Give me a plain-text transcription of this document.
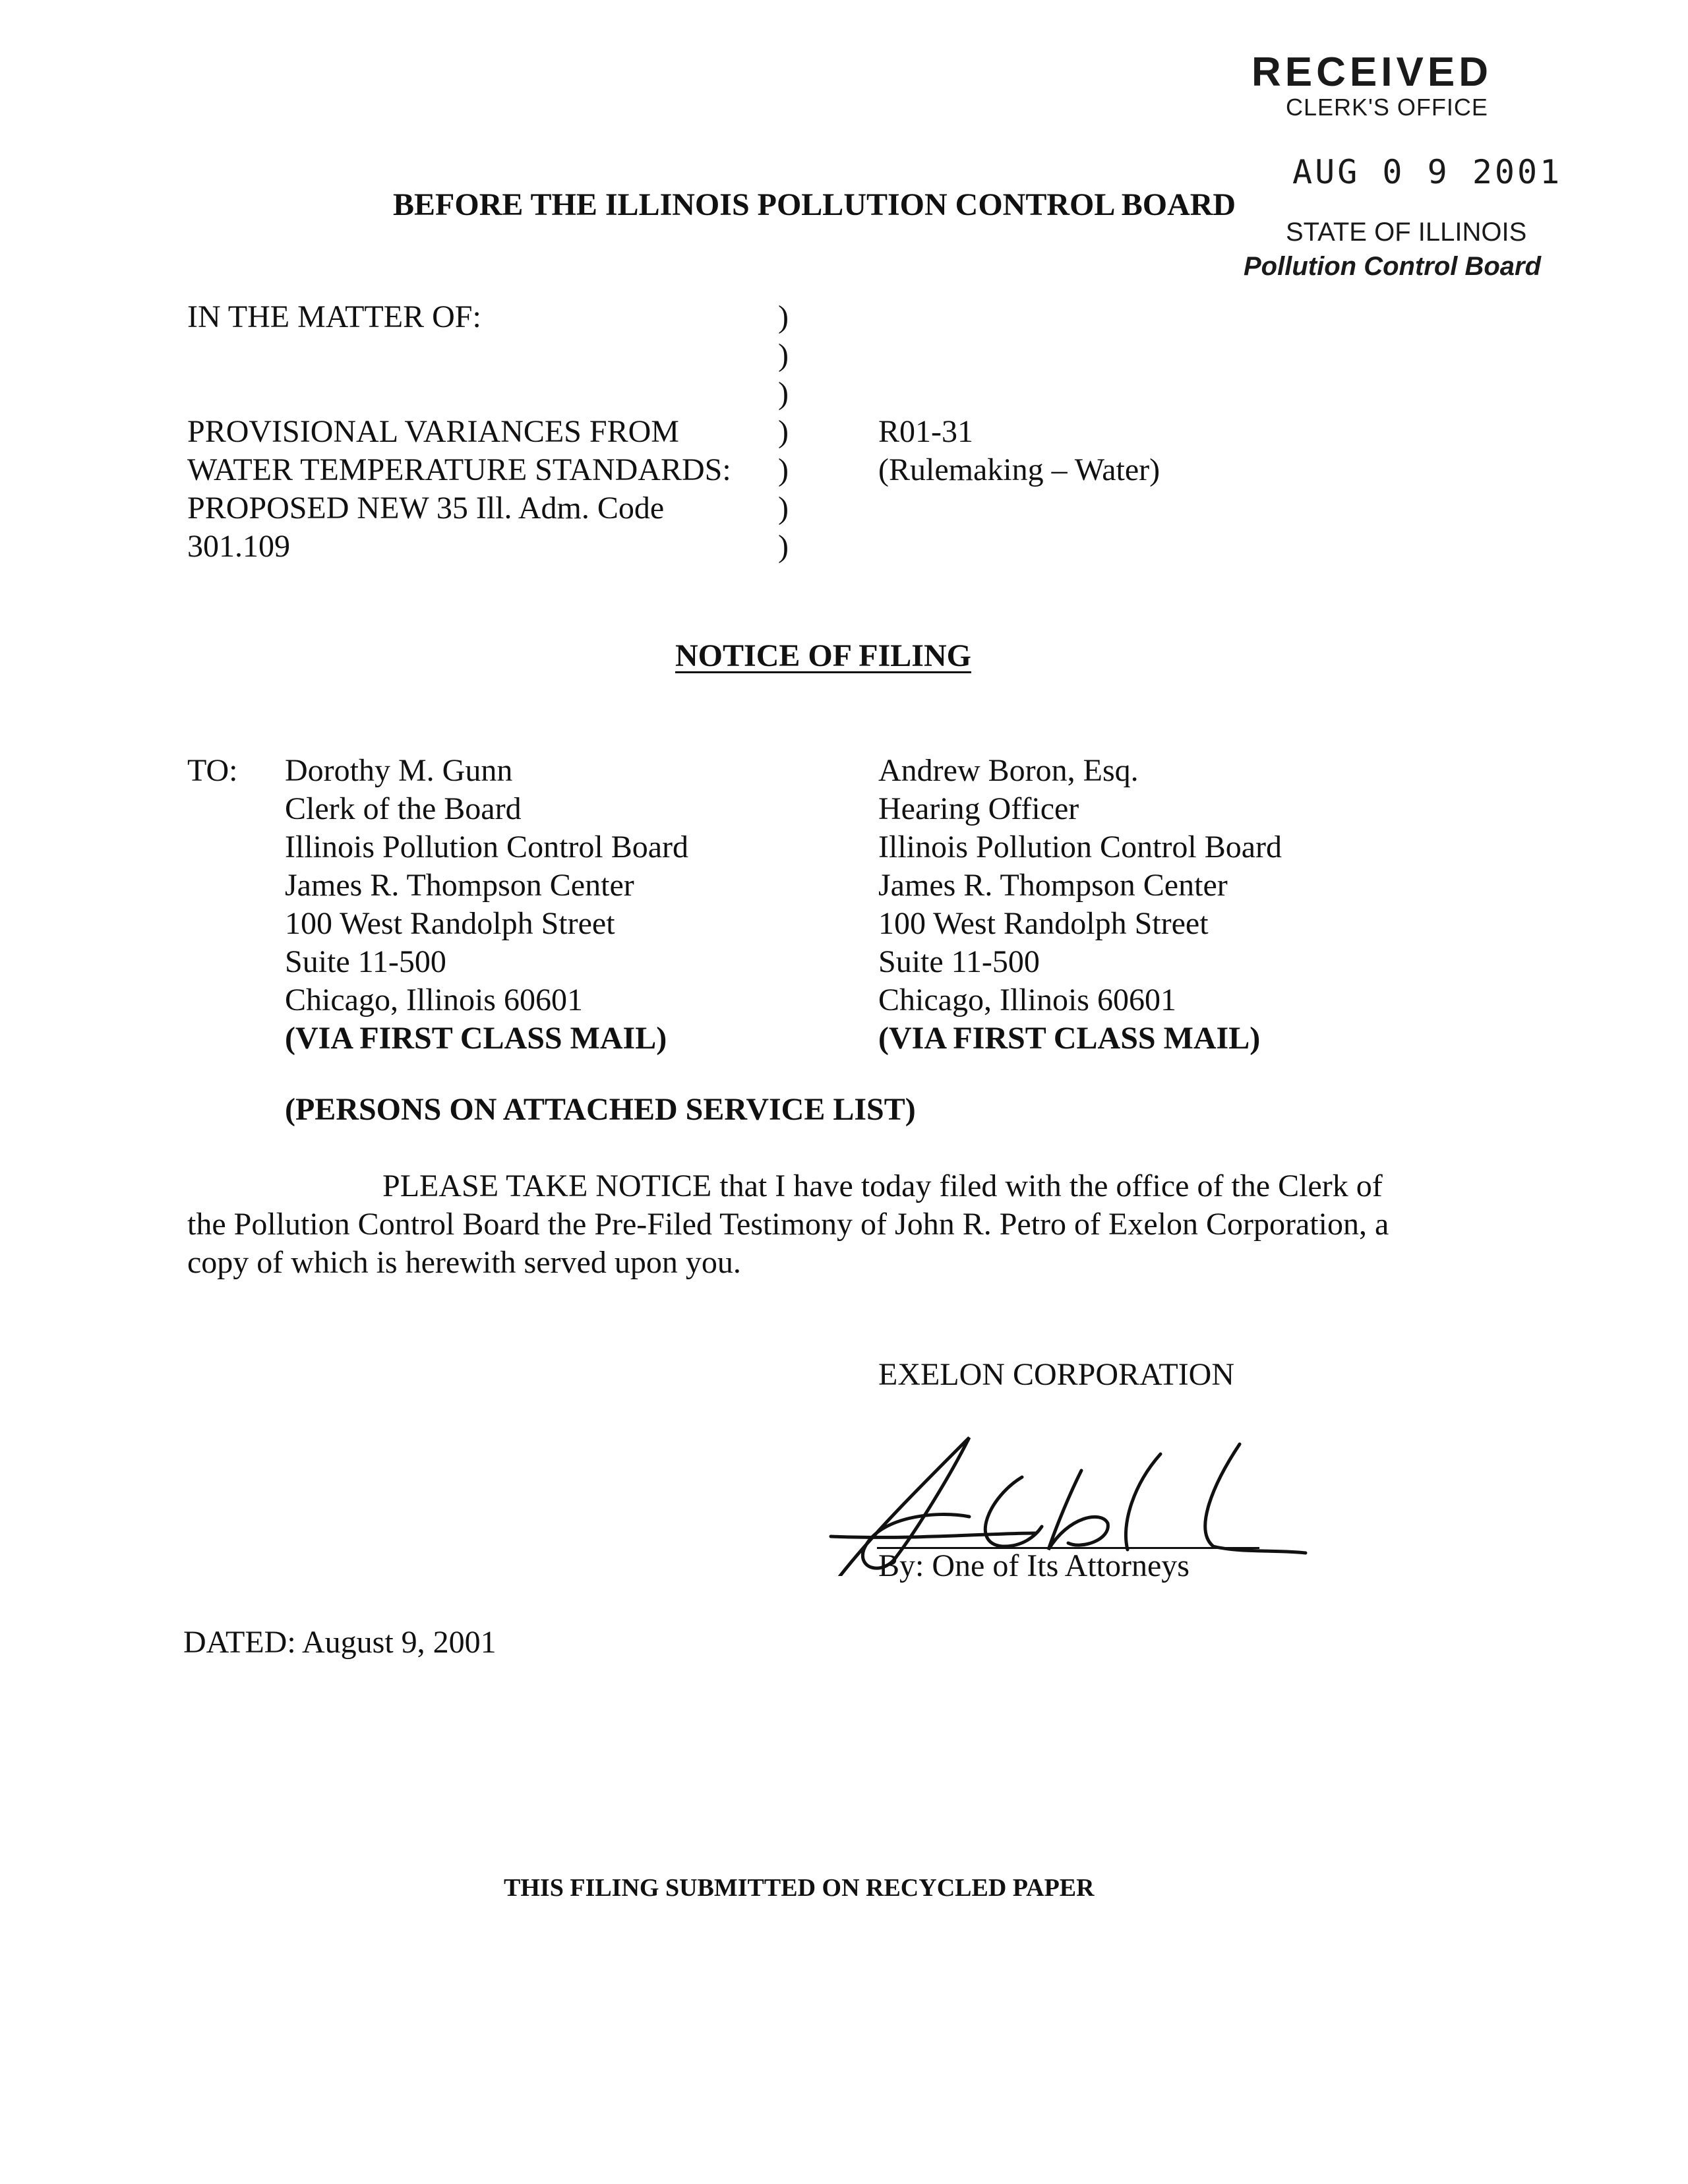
RECEIVED
CLERK'S OFFICE
AUG 0 9 2001
STATE OF ILLINOIS
Pollution Control Board
BEFORE THE ILLINOIS POLLUTION CONTROL BOARD
IN THE MATTER OF:
PROVISIONAL VARIANCES FROM
WATER TEMPERATURE STANDARDS:
PROPOSED NEW 35 Ill. Adm. Code
301.109
)
)
)
)
)
)
)
R01-31
(Rulemaking – Water)
NOTICE OF FILING
TO: Dorothy M. Gunn
Clerk of the Board
Illinois Pollution Control Board
James R. Thompson Center
100 West Randolph Street
Suite 11-500
Chicago, Illinois 60601
(VIA FIRST CLASS MAIL)
Andrew Boron, Esq.
Hearing Officer
Illinois Pollution Control Board
James R. Thompson Center
100 West Randolph Street
Suite 11-500
Chicago, Illinois 60601
(VIA FIRST CLASS MAIL)
(PERSONS ON ATTACHED SERVICE LIST)
PLEASE TAKE NOTICE that I have today filed with the office of the Clerk of
the Pollution Control Board the Pre-Filed Testimony of John R. Petro of Exelon Corporation, a
copy of which is herewith served upon you.
EXELON CORPORATION
By: One of Its Attorneys
DATED: August 9, 2001
THIS FILING SUBMITTED ON RECYCLED PAPER
